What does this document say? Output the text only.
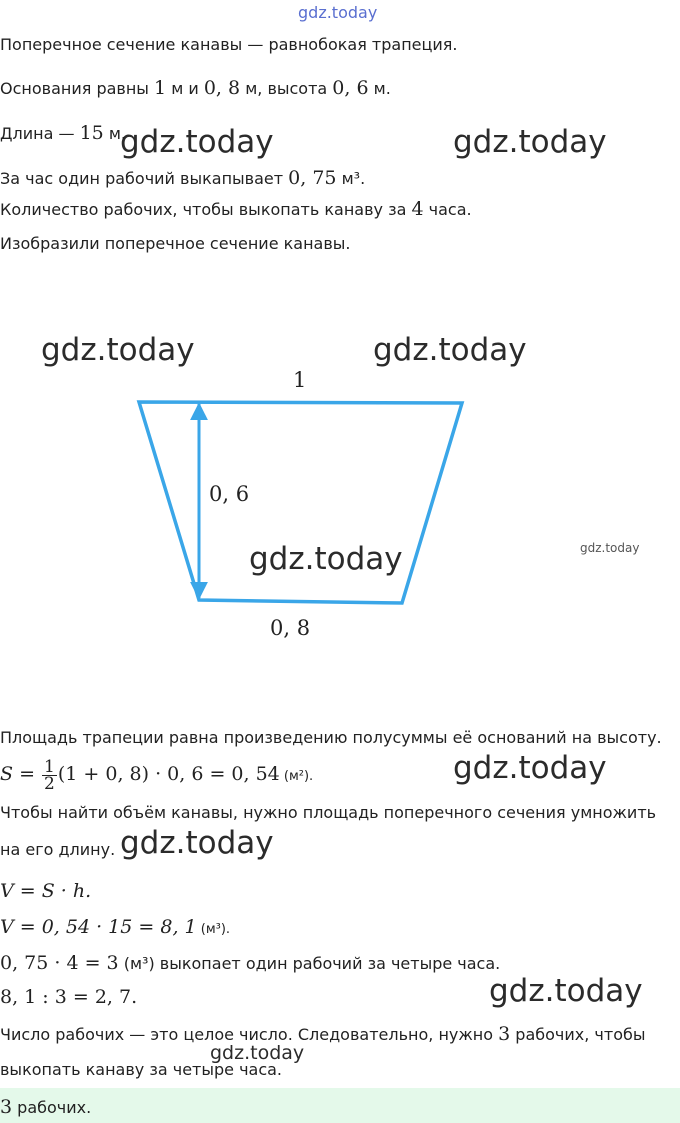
gdz.today
gdz.today	gdz.today
gdz.today	gdz.today
gdz.today	gdz.today
gdz.today
gdz.today
gdz.today
gdz.today
Поперечное сечение канавы — равнобокая трапеция.
Основания равны 1 м и 0, 8 м, высота 0, 6 м.
Длина — 15 м.
За час один рабочий выкапывает 0, 75 м³.
Количество рабочих, чтобы выкопать канаву за 4 часа.
Изобразили поперечное сечение канавы.
1
0, 6
0, 8
Площадь трапеции равна произведению полусуммы её оснований на высоту.
$S = \frac{1}{2} (1 + 0$, 8) · 0, 6 = 0, 54 (м²).
Чтобы найти объём канавы, нужно площадь поперечного сечения умножить
на его длину.
V = S · h.
V = 0, 54 · 15 = 8, 1 (м³).
0, 75 · 4 = 3 (м³) выкопает один рабочий за четыре часа.
8, 1 : 3 = 2, 7.
Число рабочих — это целое число. Следовательно, нужно 3 рабочих, чтобы
выкопать канаву за четыре часа.
3 рабочих.
